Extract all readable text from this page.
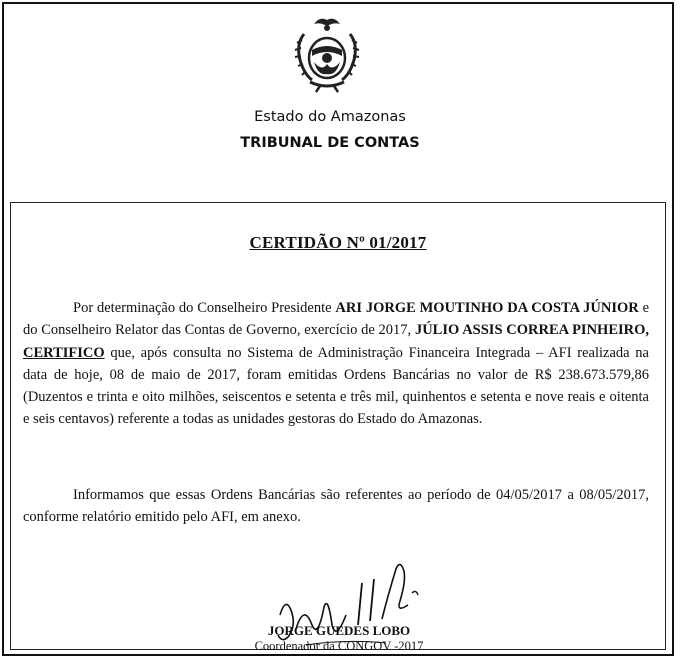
Estado do Amazonas
TRIBUNAL DE CONTAS
CERTIDÃO Nº 01/2017
Por determinação do Conselheiro Presidente ARI JORGE MOUTINHO DA COSTA JÚNIOR e do Conselheiro Relator das Contas de Governo, exercício de 2017, JÚLIO ASSIS CORREA PINHEIRO, CERTIFICO que, após consulta no Sistema de Administração Financeira Integrada – AFI realizada na data de hoje, 08 de maio de 2017, foram emitidas Ordens Bancárias no valor de R$ 238.673.579,86 (Duzentos e trinta e oito milhões, seiscentos e setenta e três mil, quinhentos e setenta e nove reais e oitenta e seis centavos) referente a todas as unidades gestoras do Estado do Amazonas.
Informamos que essas Ordens Bancárias são referentes ao período de 04/05/2017 a 08/05/2017, conforme relatório emitido pelo AFI, em anexo.
JORGE GUEDES LOBO
Coordenador da CONGOV -2017
